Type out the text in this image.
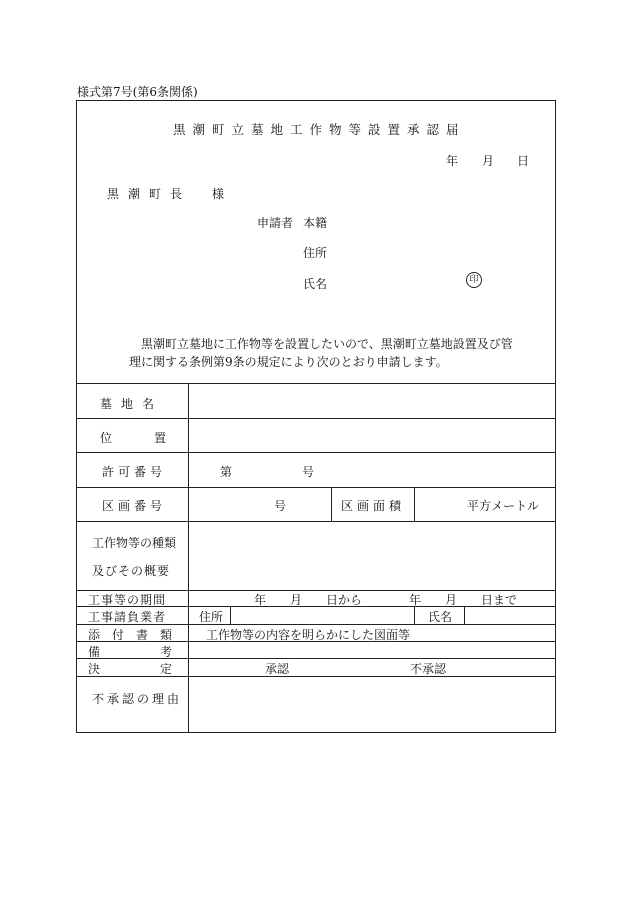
様式第7号(第6条関係)
黒潮町立墓地工作物等設置承認届
年 月 日
黒潮町長 様
申請者 本籍
住所
氏名	印
黒潮町立墓地に工作物等を設置したいので、黒潮町立墓地設置及び管
理に関する条例第9条の規定により次のとおり申請します。
墓地名
位置
許可番号	第	号
区画番号	号	区画面積	平方メートル
工作物等の種類
及びその概要
工事等の期間	年　　月　　日から	年　　月　　日まで
工事請負業者	住所	氏名
添付書類 工作物等の内容を明らかにした図面等
備考
決定	承認	不承認
不承認の理由
